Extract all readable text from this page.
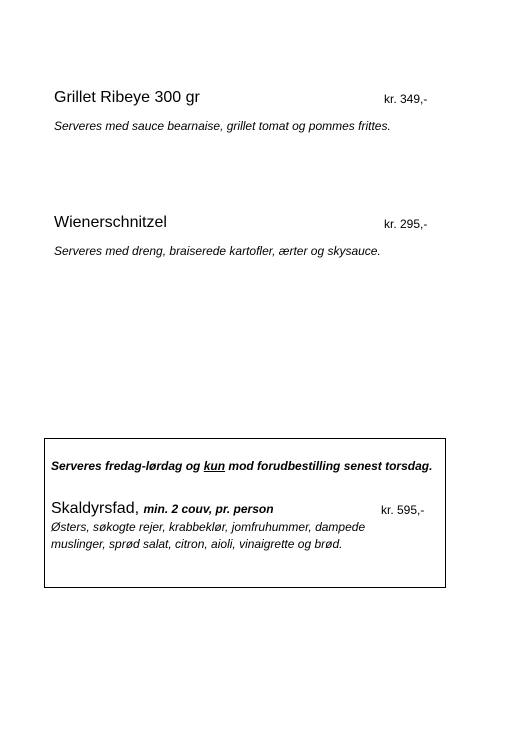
Grillet Ribeye 300 gr	kr. 349,-
Serveres med sauce bearnaise, grillet tomat og pommes frittes.
Wienerschnitzel	kr. 295,-
Serveres med dreng, braiserede kartofler, ærter og skysauce.
Serveres fredag-lørdag og kun mod forudbestilling senest torsdag.
Skaldyrsfad, min. 2 couv, pr. person	kr. 595,-
Østers, søkogte rejer, krabbeklør, jomfruhummer, dampede
muslinger, sprød salat, citron, aioli, vinaigrette og brød.
